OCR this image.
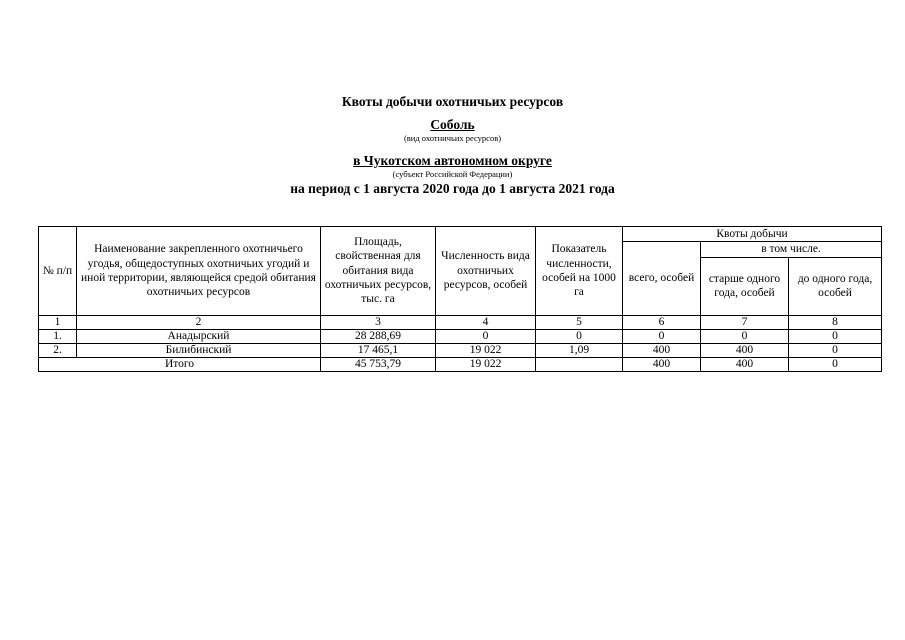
Квоты добычи охотничьих ресурсов
Соболь
(вид охотничьих ресурсов)
в Чукотском автономном округе
(субъект Российской Федерации)
на период с 1 августа 2020 года до 1 августа 2021 года
№ п/п	Наименование закрепленного охотничьего угодья, общедоступных охотничьих угодий и иной территории, являющейся средой обитания охотничьих ресурсов	Площадь, свойственная для обитания вида охотничьих ресурсов, тыс. га	Численность вида охотничьих ресурсов, особей	Показатель численности, особей на 1000 га	Квоты добычи		
					всего, особей	в том числе.	
						старше одного года, особей	до одного года, особей
1	2	3	4	5	6	7	8
1.	Анадырский	28 288,69	0	0	0	0	0
2.	Билибинский	17 465,1	19 022	1,09	400	400	0
Итого		45 753,79	19 022		400	400	0
